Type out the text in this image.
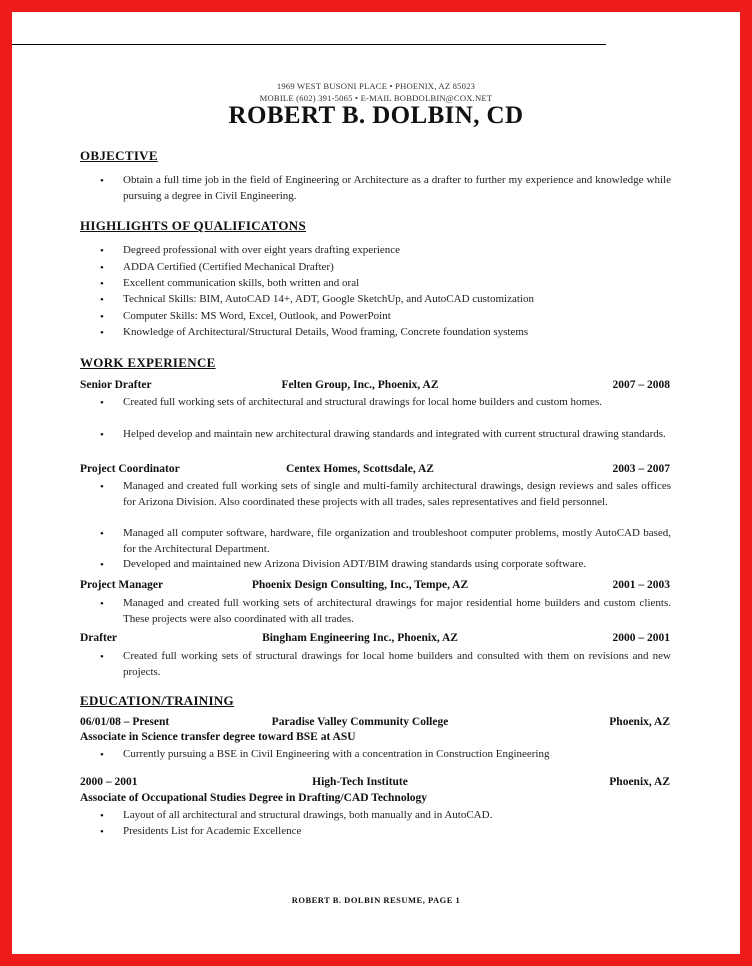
1969 WEST BUSONI PLACE • PHOENIX, AZ 85023
MOBILE (602) 391-5065 • E-MAIL BOBDOLBIN@COX.NET
ROBERT B. DOLBIN, CD
OBJECTIVE
•	Obtain a full time job in the field of Engineering or Architecture as a drafter to further my experience and knowledge while pursuing a degree in Civil Engineering.
HIGHLIGHTS OF QUALIFICATONS
•	Degreed professional with over eight years drafting experience
•	ADDA Certified (Certified Mechanical Drafter)
•	Excellent communication skills, both written and oral
•	Technical Skills: BIM, AutoCAD 14+, ADT, Google SketchUp, and AutoCAD customization
•	Computer Skills: MS Word, Excel, Outlook, and PowerPoint
•	Knowledge of Architectural/Structural Details, Wood framing, Concrete foundation systems
WORK EXPERIENCE
Senior Drafter	Felten Group, Inc., Phoenix, AZ	2007 – 2008
•	Created full working sets of architectural and structural drawings for local home builders and custom homes.
•	Helped develop and maintain new architectural drawing standards and integrated with current structural drawing standards.
Project Coordinator	Centex Homes, Scottsdale, AZ	2003 – 2007
•	Managed and created full working sets of single and multi-family architectural drawings, design reviews and sales offices for Arizona Division. Also coordinated these projects with all trades, sales representatives and field personnel.
•	Managed all computer software, hardware, file organization and troubleshoot computer problems, mostly AutoCAD based, for the Architectural Department.
•	Developed and maintained new Arizona Division ADT/BIM drawing standards using corporate software.
Project Manager	Phoenix Design Consulting, Inc., Tempe, AZ	2001 – 2003
•	Managed and created full working sets of architectural drawings for major residential home builders and custom clients. These projects were also coordinated with all trades.
Drafter	Bingham Engineering Inc., Phoenix, AZ	2000 – 2001
•	Created full working sets of structural drawings for local home builders and consulted with them on revisions and new projects.
EDUCATION/TRAINING
06/01/08 – Present	Paradise Valley Community College	Phoenix, AZ
Associate in Science transfer degree toward BSE at ASU
•	Currently pursuing a BSE in Civil Engineering with a concentration in Construction Engineering
2000 – 2001	High-Tech Institute	Phoenix, AZ
Associate of Occupational Studies Degree in Drafting/CAD Technology
•	Layout of all architectural and structural drawings, both manually and in AutoCAD.
•	Presidents List for Academic Excellence
ROBERT B. DOLBIN RESUME, PAGE 1
